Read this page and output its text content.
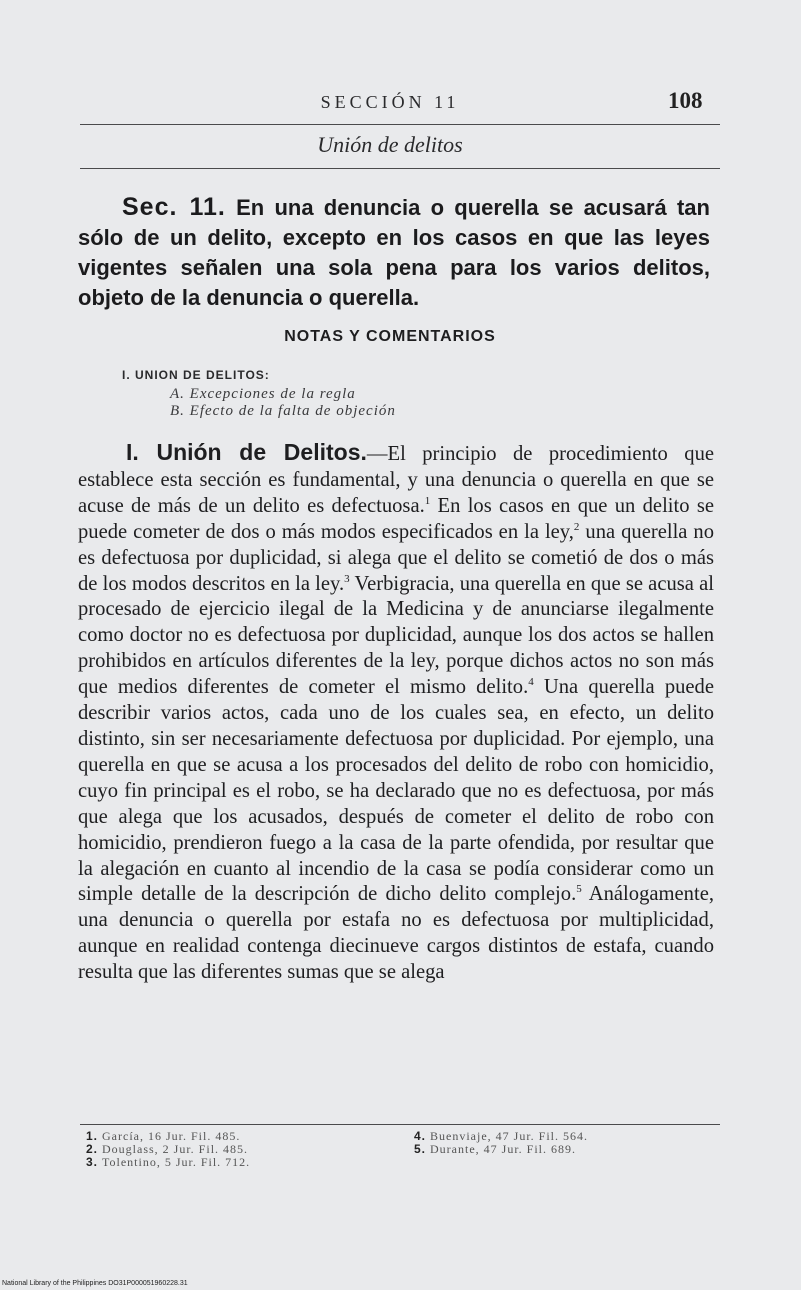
SECCIÓN 11	108
Unión de delitos
Sec. 11. En una denuncia o querella se acusará tan sólo de un delito, excepto en los casos en que las leyes vigentes señalen una sola pena para los varios delitos, objeto de la denuncia o querella.
NOTAS Y COMENTARIOS
I. UNION DE DELITOS:
A. Excepciones de la regla
B. Efecto de la falta de objeción
I. Unión de Delitos.—El principio de procedimiento que establece esta sección es fundamental, y una denuncia o querella en que se acuse de más de un delito es defectuosa.$^1$ En los casos en que un delito se puede cometer de dos o más modos especificados en la ley,$^2$ una querella no es defectuosa por duplicidad, si alega que el delito se cometió de dos o más de los modos descritos en la ley.$^3$ Verbigracia, una querella en que se acusa al procesado de ejercicio ilegal de la Medicina y de anunciarse ilegalmente como doctor no es defectuosa por duplicidad, aunque los dos actos se hallen prohibidos en artículos diferentes de la ley, porque dichos actos no son más que medios diferentes de cometer el mismo delito.$^4$ Una querella puede describir varios actos, cada uno de los cuales sea, en efecto, un delito distinto, sin ser necesariamente defectuosa por duplicidad. Por ejemplo, una querella en que se acusa a los procesados del delito de robo con homicidio, cuyo fin principal es el robo, se ha declarado que no es defectuosa, por más que alega que los acusados, después de cometer el delito de robo con homicidio, prendieron fuego a la casa de la parte ofendida, por resultar que la alegación en cuanto al incendio de la casa se podía considerar como un simple detalle de la descripción de dicho delito complejo.$^5$ Análogamente, una denuncia o querella por estafa no es defectuosa por multiplicidad, aunque en realidad contenga diecinueve cargos distintos de estafa, cuando resulta que las diferentes sumas que se alega
1. García, 16 Jur. Fil. 485.
2. Douglass, 2 Jur. Fil. 485.
3. Tolentino, 5 Jur. Fil. 712.
4. Buenviaje, 47 Jur. Fil. 564.
5. Durante, 47 Jur. Fil. 689.
National Library of the Philippines DO31P000051960228.31
